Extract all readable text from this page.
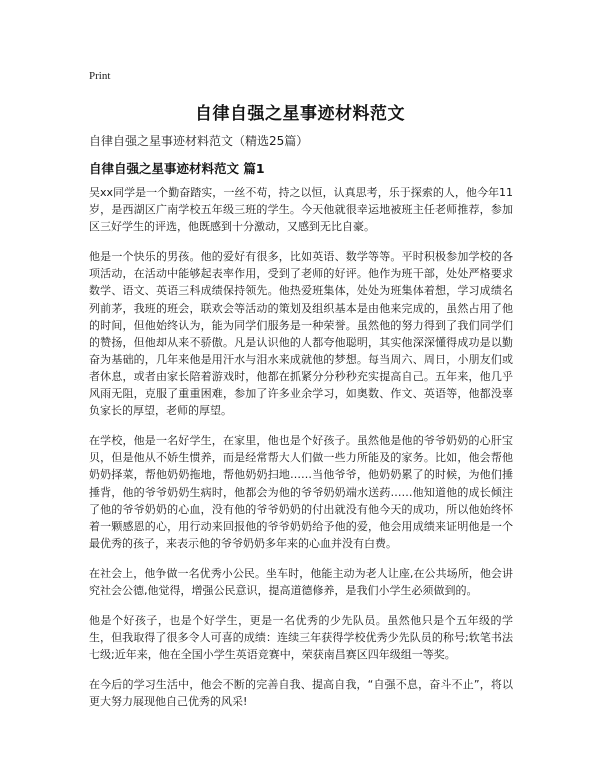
Print
自律自强之星事迹材料范文
自律自强之星事迹材料范文（精选25篇）
自律自强之星事迹材料范文 篇1

吴xx同学是一个勤奋踏实，一丝不苟，持之以恒，认真思考，乐于探索的人，他今年11岁，是西湖区广南学校五年级三班的学生。今天他就很幸运地被班主任老师推荐，参加区三好学生的评选，他既感到十分激动，又感到无比自豪。

他是一个快乐的男孩。他的爱好有很多，比如英语、数学等等。平时积极参加学校的各项活动，在活动中能够起表率作用，受到了老师的好评。他作为班干部，处处严格要求数学、语文、英语三科成绩保持领先。他热爱班集体，处处为班集体着想，学习成绩名列前茅，我班的班会，联欢会等活动的策划及组织基本是由他来完成的，虽然占用了他的时间，但他始终认为，能为同学们服务是一种荣誉。虽然他的努力得到了我们同学们的赞扬，但他却从来不骄傲。凡是认识他的人都夸他聪明，其实他深深懂得成功是以勤奋为基础的，几年来他是用汗水与泪水来成就他的梦想。每当周六、周日，小朋友们或者休息，或者由家长陪着游戏时，他都在抓紧分分秒秒充实提高自己。五年来，他几乎风雨无阻，克服了重重困难，参加了许多业余学习，如奥数、作文、英语等，他都没辜负家长的厚望，老师的厚望。

在学校，他是一名好学生，在家里，他也是个好孩子。虽然他是他的爷爷奶奶的心肝宝贝，但是他从不娇生惯养，而是经常帮大人们做一些力所能及的家务。比如，他会帮他奶奶择菜，帮他奶奶拖地，帮他奶奶扫地……当他爷爷，他奶奶累了的时候，为他们捶捶背，他的爷爷奶奶生病时，他都会为他的爷爷奶奶端水送药……他知道他的成长倾注了他的爷爷奶奶的心血，没有他的爷爷奶奶的付出就没有他今天的成功，所以他始终怀着一颗感恩的心，用行动来回报他的爷爷奶奶给予他的爱，他会用成绩来证明他是一个最优秀的孩子，来表示他的爷爷奶奶多年来的心血并没有白费。

在社会上，他争做一名优秀小公民。坐车时，他能主动为老人让座,在公共场所，他会讲究社会公德,他觉得，增强公民意识，提高道德修养，是我们小学生必须做到的。

他是个好孩子，也是个好学生，更是一名优秀的少先队员。虽然他只是个五年级的学生，但我取得了很多令人可喜的成绩：连续三年获得学校优秀少先队员的称号;软笔书法七级;近年来，他在全国小学生英语竞赛中，荣获南昌赛区四年级组一等奖。

在今后的学习生活中，他会不断的完善自我、提高自我，“自强不息，奋斗不止”，将以更大努力展现他自己优秀的风采!
